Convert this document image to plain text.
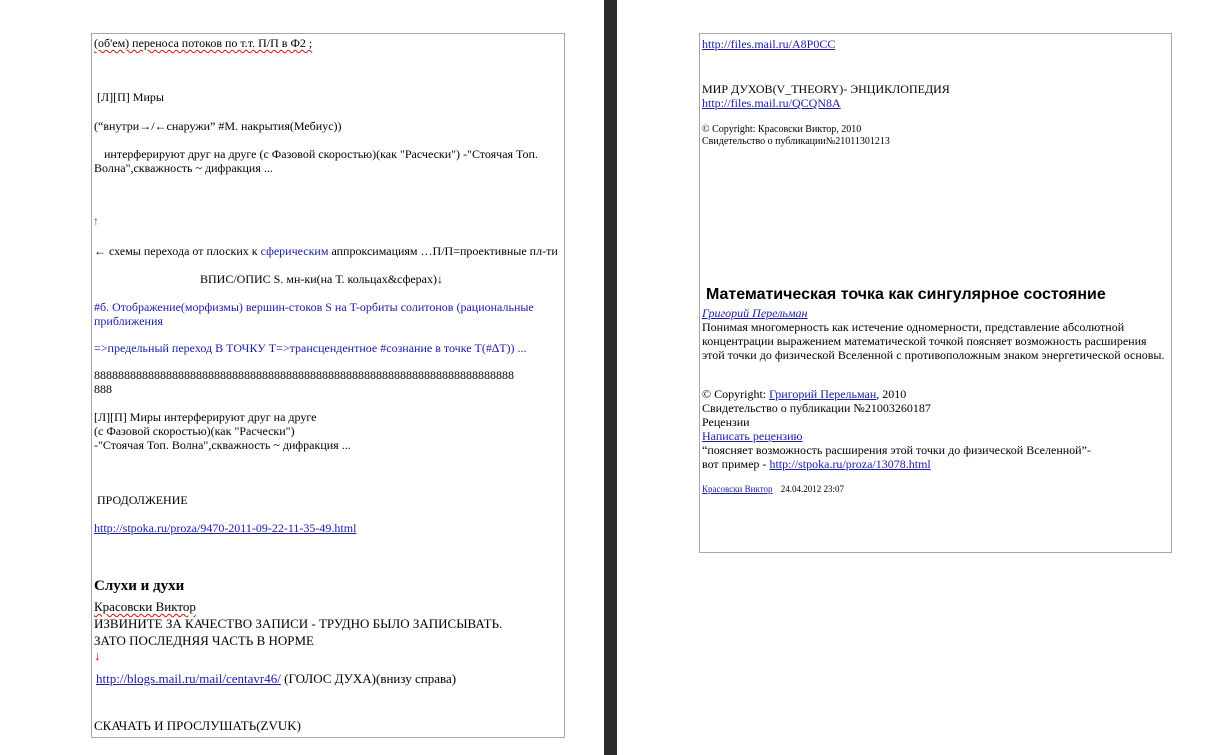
(об'ем) переноса потоков по т.т. П/П в Ф2 ;
[Л][П] Миры
(“внутри→/←снаружи” #М. накрытия(Мебиус))
интерферируют друг на друге (с Фазовой скоростью)(как "Расчески") -"Стоячая Топ.
Волна",скважность ~ дифракция ...
↑
← схемы перехода от плоских к сферическим аппроксимациям …П/П=проективные пл-ти
ВПИС/ОПИС S. мн-ки(на Т. кольцах&сферах)↓
#б. Отображение(морфизмы) вершин-стоков S на T-орбиты солитонов (рациональные
приближения
=>предельный переход В ТОЧКУ Т=>трансцендентное #сознание в точке Т(#∆Т)) ...
8888888888888888888888888888888888888888888888888888888888888888888888
888
[Л][П] Миры интерферируют друг на друге
(с Фазовой скоростью)(как "Расчески")
-"Стоячая Топ. Волна",скважность ~ дифракция ...
ПРОДОЛЖЕНИЕ
http://stpoka.ru/proza/9470-2011-09-22-11-35-49.html
Слухи и духи
Красовски Виктор
ИЗВИНИТЕ ЗА КАЧЕСТВО ЗАПИСИ - ТРУДНО БЫЛО ЗАПИСЫВАТЬ.
ЗАТО ПОСЛЕДНЯЯ ЧАСТЬ В НОРМЕ
↓
http://blogs.mail.ru/mail/centavr46/ (ГОЛОС ДУХА)(внизу справа)
СКАЧАТЬ И ПРОСЛУШАТЬ(ZVUK)
http://files.mail.ru/A8P0CC
МИР ДУХОВ(V_THEORY)- ЭНЦИКЛОПЕДИЯ
http://files.mail.ru/QCQN8A
© Copyright: Красовски Виктор, 2010
Свидетельство о публикации№21011301213
Математическая точка как сингулярное состояние
Григорий Перельман
Понимая многомерность как истечение одномерности, представление абсолютной
концентрации выражением математической точкой поясняет возможность расширения
этой точки до физической Вселенной с противоположным знаком энергетической основы.
© Copyright: Григорий Перельман, 2010
Свидетельство о публикации №21003260187
Рецензии
Написать рецензию
“поясняет возможность расширения этой точки до физической Вселенной”-
вот пример - http://stpoka.ru/proza/13078.html
Красовски Виктор 24.04.2012 23:07
